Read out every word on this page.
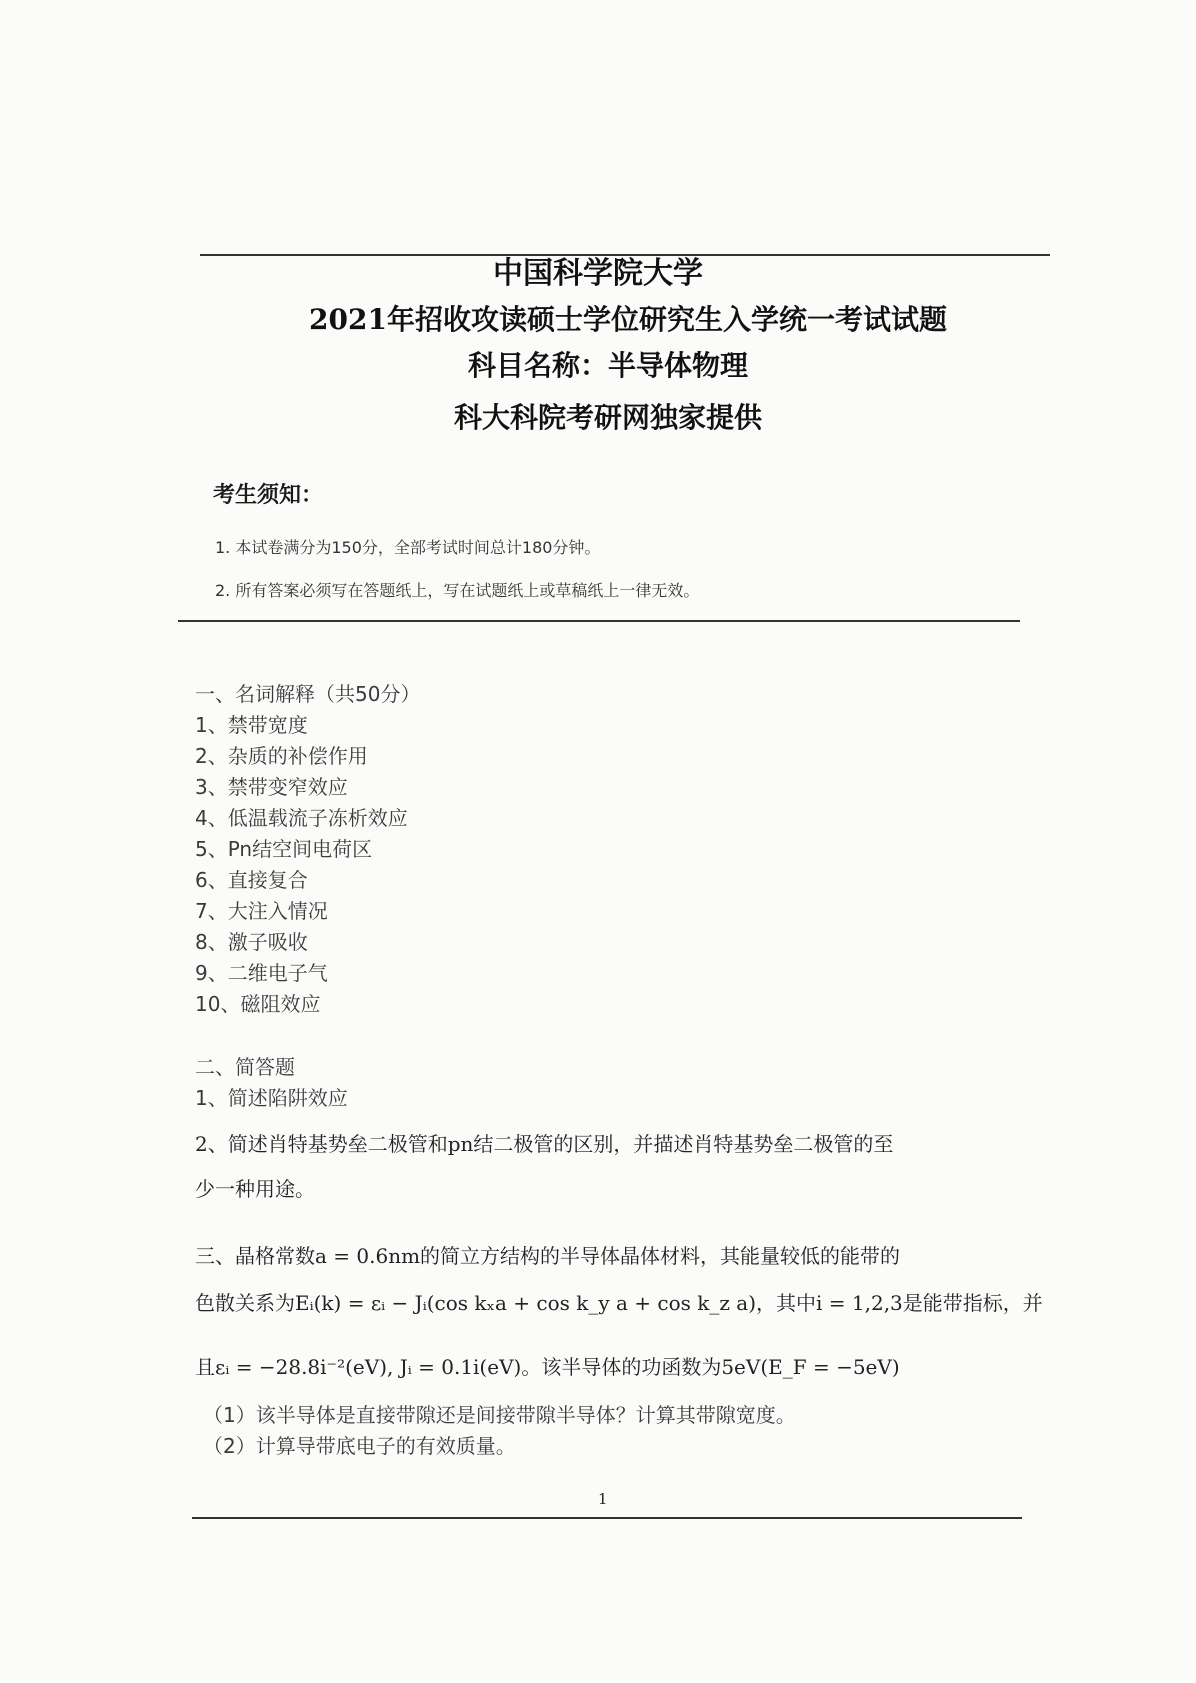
中国科学院大学
2021年招收攻读硕士学位研究生入学统一考试试题
科目名称：半导体物理
科大科院考研网独家提供
考生须知：
1. 本试卷满分为150分，全部考试时间总计180分钟。
2. 所有答案必须写在答题纸上，写在试题纸上或草稿纸上一律无效。
一、名词解释（共50分）
1、禁带宽度
2、杂质的补偿作用
3、禁带变窄效应
4、低温载流子冻析效应
5、Pn结空间电荷区
6、直接复合
7、大注入情况
8、激子吸收
9、二维电子气
10、磁阻效应
二、简答题
1、简述陷阱效应
2、简述肖特基势垒二极管和pn结二极管的区别，并描述肖特基势垒二极管的至
少一种用途。
三、晶格常数a = 0.6nm的简立方结构的半导体晶体材料，其能量较低的能带的
色散关系为Eᵢ(k) = εᵢ − Jᵢ(cos kₓa + cos k_y a + cos k_z a)，其中i = 1,2,3是能带指标，并
且εᵢ = −28.8i⁻²(eV), Jᵢ = 0.1i(eV)。该半导体的功函数为5eV(E_F = −5eV)
（1）该半导体是直接带隙还是间接带隙半导体？计算其带隙宽度。
（2）计算导带底电子的有效质量。
1
